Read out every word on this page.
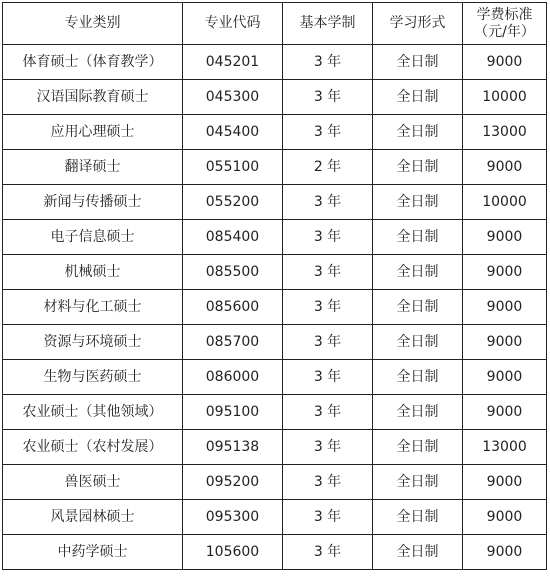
专业类别	专业代码	基本学制	学习形式	学费标准
（元/年）

体育硕士（体育教学）	045201	3 年	全日制	9000
汉语国际教育硕士	045300	3 年	全日制	10000
应用心理硕士	045400	3 年	全日制	13000
翻译硕士	055100	2 年	全日制	9000
新闻与传播硕士	055200	3 年	全日制	10000
电子信息硕士	085400	3 年	全日制	9000
机械硕士	085500	3 年	全日制	9000
材料与化工硕士	085600	3 年	全日制	9000
资源与环境硕士	085700	3 年	全日制	9000
生物与医药硕士	086000	3 年	全日制	9000
农业硕士（其他领域）	095100	3 年	全日制	9000
农业硕士（农村发展）	095138	3 年	全日制	13000
兽医硕士	095200	3 年	全日制	9000
风景园林硕士	095300	3 年	全日制	9000
中药学硕士	105600	3 年	全日制	9000
